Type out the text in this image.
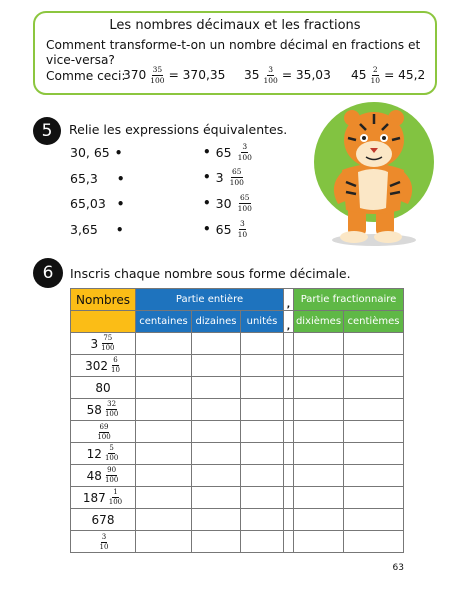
Les nombres décimaux et les fractions
Comment transforme-t-on un nombre décimal en fractions et vice-versa?
Comme ceci:
$370 \frac{35}{100} = 370,35$ $35 \frac{3}{100} = 35,03$ $45 \frac{2}{10} = 45,2$
5	Relie les expressions équivalentes.
30, 65 •
65,3 •
65,03 •
3,65 •
• $65 \frac{3}{100}$
• $3 \frac{65}{100}$
• $30 \frac{65}{100}$
• $65 \frac{3}{10}$
6	Inscris chaque nombre sous forme décimale.
Nombres	Partie entière			,	Partie fractionnaire	
	centaines	dizaines	unités	,	dixièmes	centièmes

$3 \frac{75}{100}$

$302 \frac{6}{10}$

80						

$58 \frac{32}{100}$

$\frac{69}{100}$

$12 \frac{5}{100}$

$48 \frac{90}{100}$

$187 \frac{1}{100}$

678						

$\frac{3}{10}$

63
